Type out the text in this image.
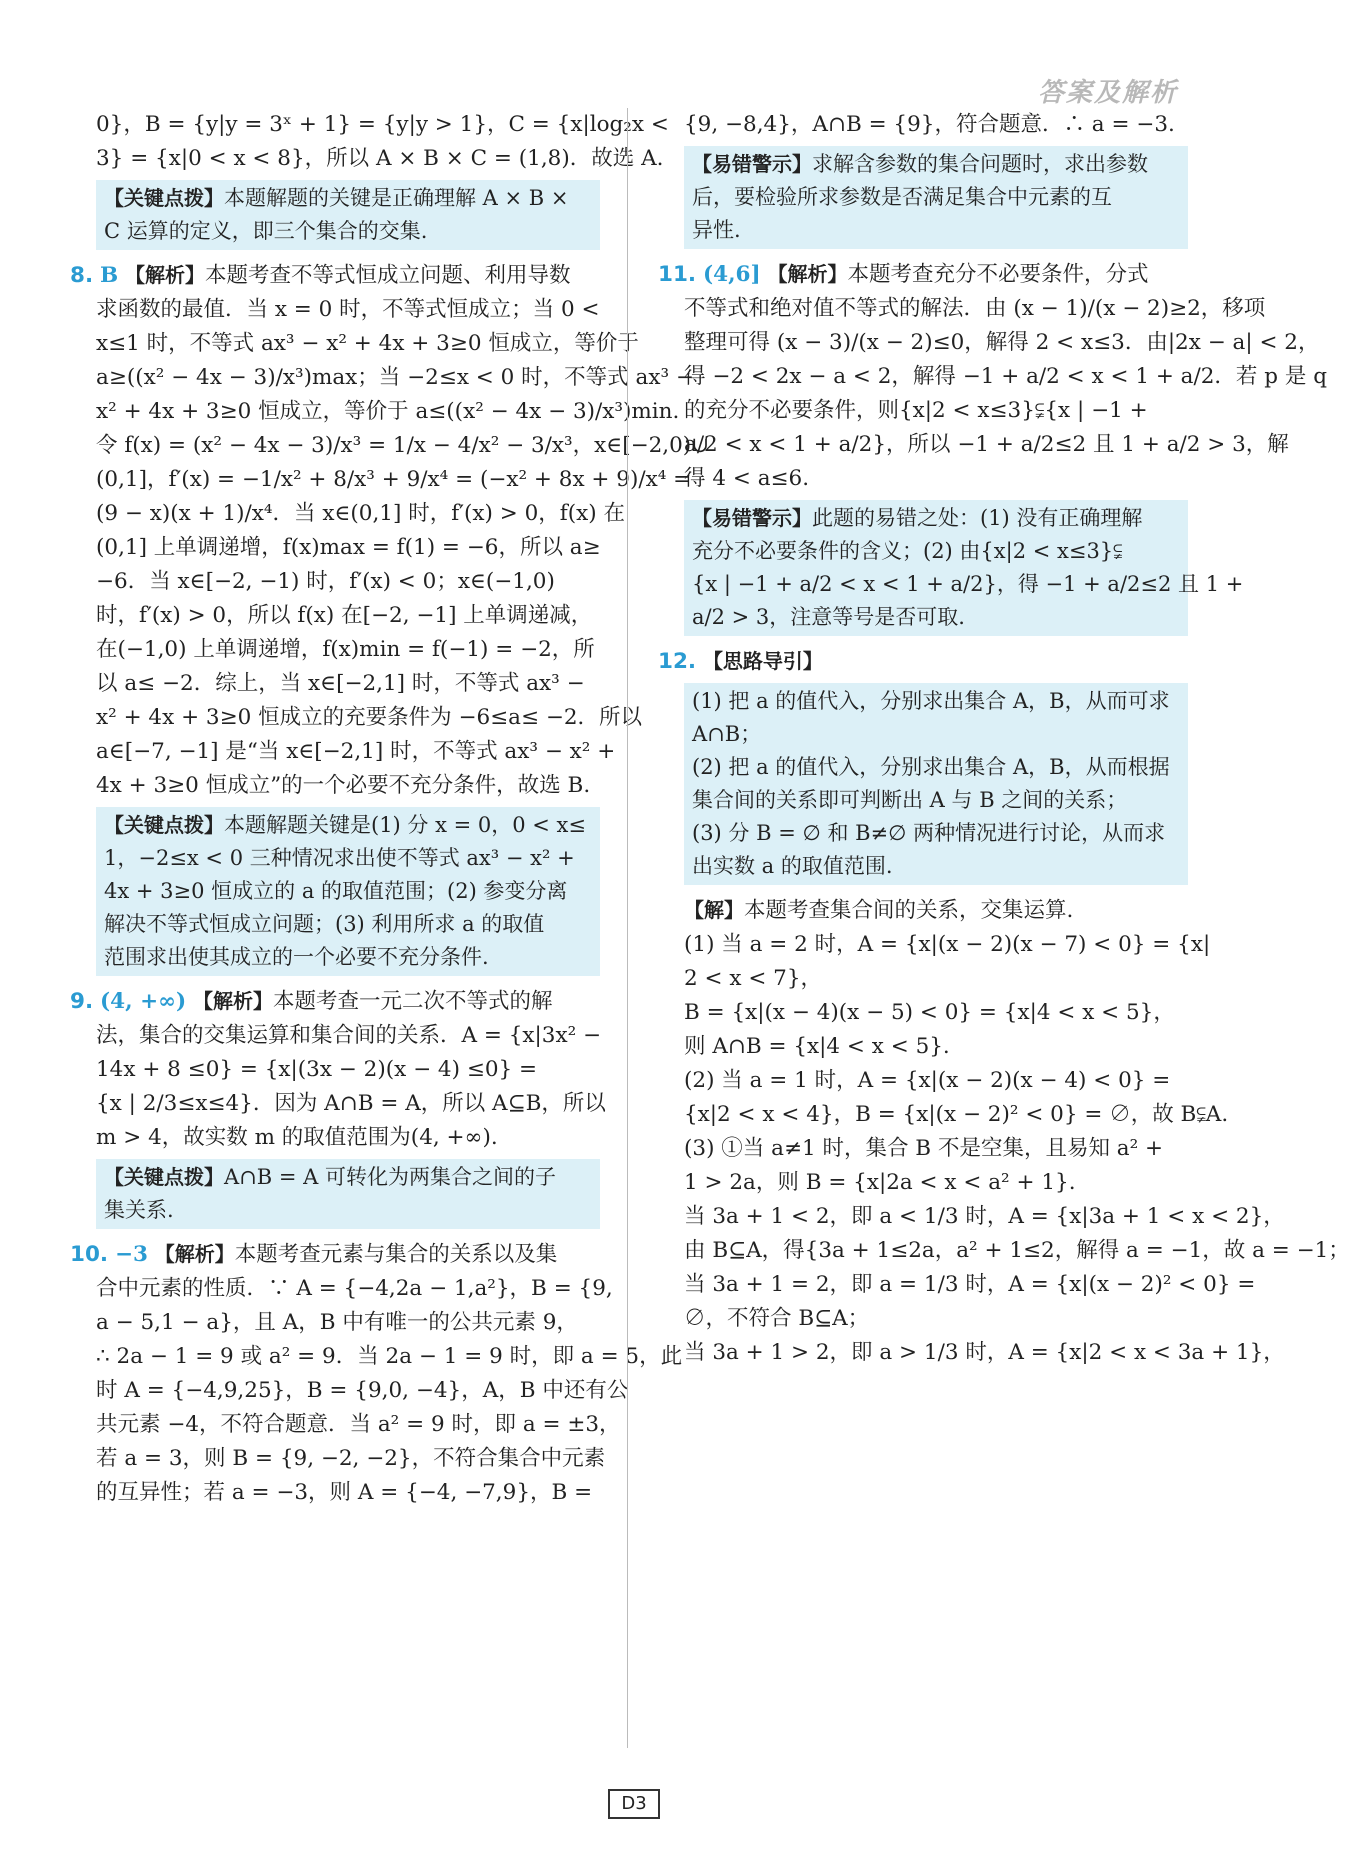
答案及解析
0}，B = {y|y = 3ˣ + 1} = {y|y > 1}，C = {x|log₂x <
3} = {x|0 < x < 8}，所以 A × B × C = (1,8)．故选 A.
【关键点拨】本题解题的关键是正确理解 A × B ×
C 运算的定义，即三个集合的交集.
8. B 【解析】本题考查不等式恒成立问题、利用导数
求函数的最值．当 x = 0 时，不等式恒成立；当 0 <
x≤1 时，不等式 ax³ − x² + 4x + 3≥0 恒成立，等价于
a≥((x² − 4x − 3)/x³)max；当 −2≤x < 0 时，不等式 ax³ −
x² + 4x + 3≥0 恒成立，等价于 a≤((x² − 4x − 3)/x³)min.
令 f(x) = (x² − 4x − 3)/x³ = 1/x − 4/x² − 3/x³，x∈[−2,0)∪
(0,1]，f′(x) = −1/x² + 8/x³ + 9/x⁴ = (−x² + 8x + 9)/x⁴ =
(9 − x)(x + 1)/x⁴．当 x∈(0,1] 时，f′(x) > 0，f(x) 在
(0,1] 上单调递增，f(x)max = f(1) = −6，所以 a≥
−6．当 x∈[−2, −1) 时，f′(x) < 0；x∈(−1,0)
时，f′(x) > 0，所以 f(x) 在[−2, −1] 上单调递减，
在(−1,0) 上单调递增，f(x)min = f(−1) = −2，所
以 a≤ −2．综上，当 x∈[−2,1] 时，不等式 ax³ −
x² + 4x + 3≥0 恒成立的充要条件为 −6≤a≤ −2．所以
a∈[−7, −1] 是“当 x∈[−2,1] 时，不等式 ax³ − x² +
4x + 3≥0 恒成立”的一个必要不充分条件，故选 B.
【关键点拨】本题解题关键是(1) 分 x = 0，0 < x≤
1，−2≤x < 0 三种情况求出使不等式 ax³ − x² +
4x + 3≥0 恒成立的 a 的取值范围；(2) 参变分离
解决不等式恒成立问题；(3) 利用所求 a 的取值
范围求出使其成立的一个必要不充分条件.
9. (4, +∞) 【解析】本题考查一元二次不等式的解
法，集合的交集运算和集合间的关系．A = {x|3x² −
14x + 8 ≤0} = {x|(3x − 2)(x − 4) ≤0} =
{x | 2/3≤x≤4}．因为 A∩B = A，所以 A⊆B，所以
m > 4，故实数 m 的取值范围为(4, +∞).
【关键点拨】A∩B = A 可转化为两集合之间的子
集关系.
10. −3 【解析】本题考查元素与集合的关系以及集
合中元素的性质．∵ A = {−4,2a − 1,a²}，B = {9,
a − 5,1 − a}，且 A，B 中有唯一的公共元素 9，
∴ 2a − 1 = 9 或 a² = 9．当 2a − 1 = 9 时，即 a = 5，此
时 A = {−4,9,25}，B = {9,0, −4}，A，B 中还有公
共元素 −4，不符合题意．当 a² = 9 时，即 a = ±3，
若 a = 3，则 B = {9, −2, −2}，不符合集合中元素
的互异性；若 a = −3，则 A = {−4, −7,9}，B =
{9, −8,4}，A∩B = {9}，符合题意．∴ a = −3.
【易错警示】求解含参数的集合问题时，求出参数
后，要检验所求参数是否满足集合中元素的互
异性.
11. (4,6] 【解析】本题考查充分不必要条件，分式
不等式和绝对值不等式的解法．由 (x − 1)/(x − 2)≥2，移项
整理可得 (x − 3)/(x − 2)≤0，解得 2 < x≤3．由|2x − a| < 2，
得 −2 < 2x − a < 2，解得 −1 + a/2 < x < 1 + a/2．若 p 是 q
的充分不必要条件，则{x|2 < x≤3}⫋{x | −1 +
a/2 < x < 1 + a/2}，所以 −1 + a/2≤2 且 1 + a/2 > 3，解
得 4 < a≤6.
【易错警示】此题的易错之处：(1) 没有正确理解
充分不必要条件的含义；(2) 由{x|2 < x≤3}⫋
{x | −1 + a/2 < x < 1 + a/2}，得 −1 + a/2≤2 且 1 +
a/2 > 3，注意等号是否可取.
12. 【思路导引】
(1) 把 a 的值代入，分别求出集合 A，B，从而可求
A∩B；
(2) 把 a 的值代入，分别求出集合 A，B，从而根据
集合间的关系即可判断出 A 与 B 之间的关系；
(3) 分 B = ∅ 和 B≠∅ 两种情况进行讨论，从而求
出实数 a 的取值范围.
【解】本题考查集合间的关系，交集运算.
(1) 当 a = 2 时，A = {x|(x − 2)(x − 7) < 0} = {x|
2 < x < 7}，
B = {x|(x − 4)(x − 5) < 0} = {x|4 < x < 5}，
则 A∩B = {x|4 < x < 5}.
(2) 当 a = 1 时，A = {x|(x − 2)(x − 4) < 0} =
{x|2 < x < 4}，B = {x|(x − 2)² < 0} = ∅，故 B⫋A.
(3) ①当 a≠1 时，集合 B 不是空集，且易知 a² +
1 > 2a，则 B = {x|2a < x < a² + 1}.
当 3a + 1 < 2，即 a < 1/3 时，A = {x|3a + 1 < x < 2}，
由 B⊆A，得{3a + 1≤2a，a² + 1≤2，解得 a = −1，故 a = −1；
当 3a + 1 = 2，即 a = 1/3 时，A = {x|(x − 2)² < 0} =
∅，不符合 B⊆A；
当 3a + 1 > 2，即 a > 1/3 时，A = {x|2 < x < 3a + 1}，
D3
